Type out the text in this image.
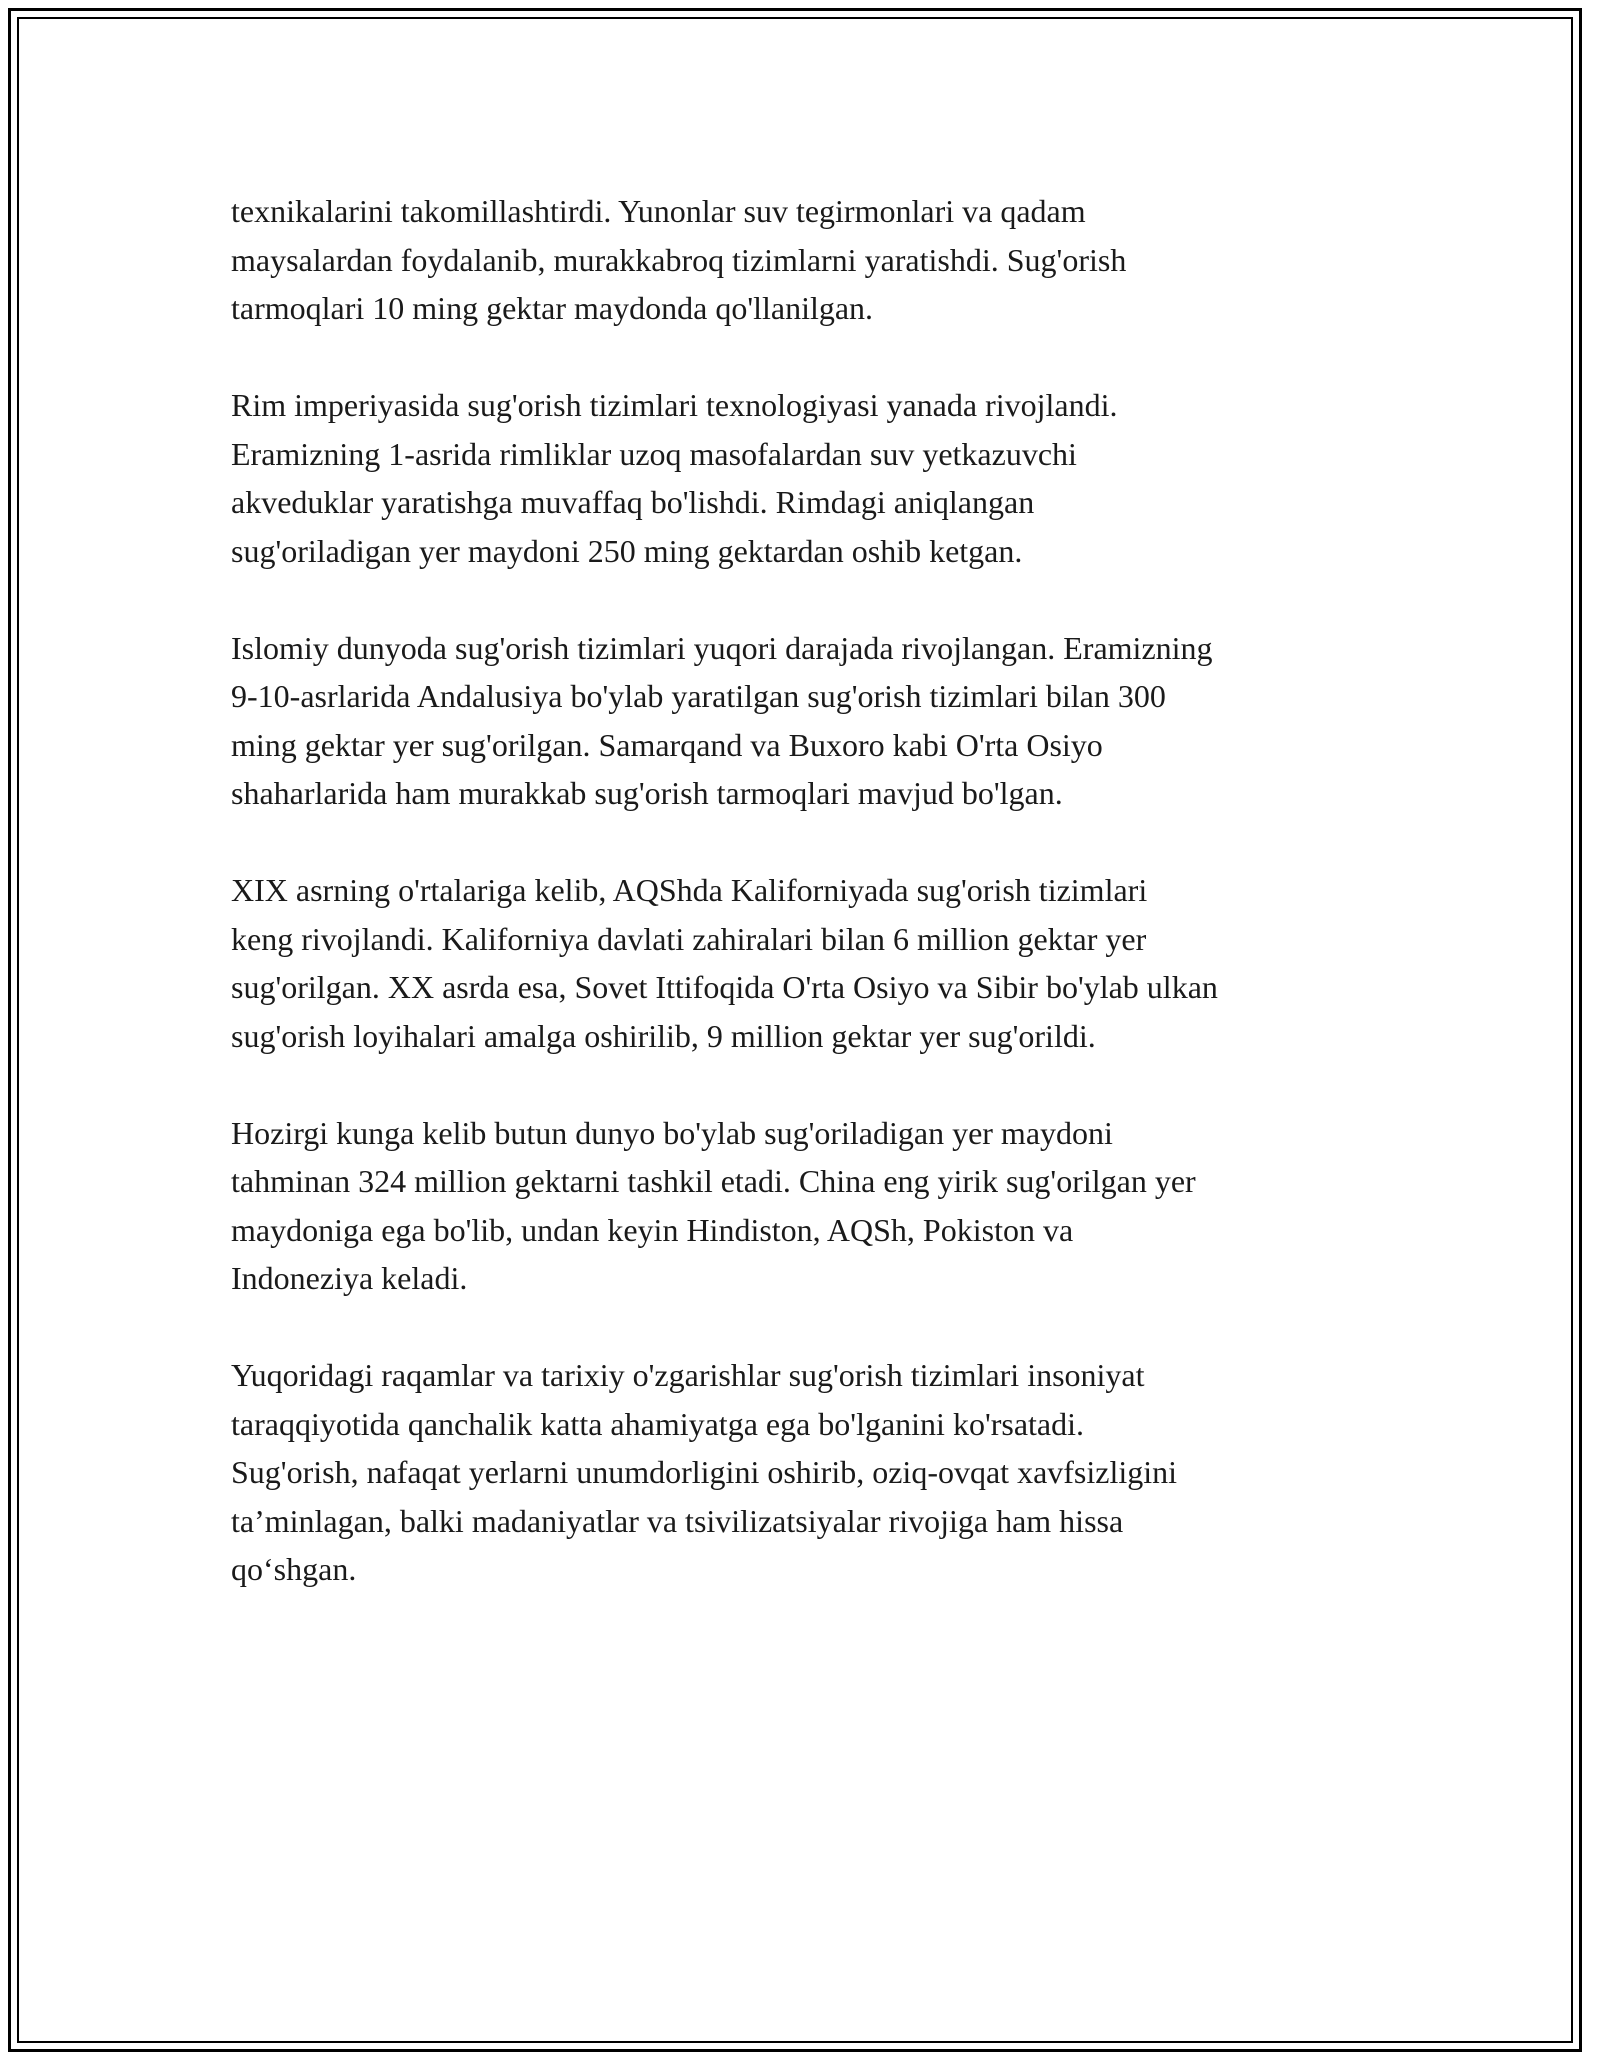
texnikalarini takomillashtirdi. Yunonlar suv tegirmonlari va qadam
maysalardan foydalanib, murakkabroq tizimlarni yaratishdi. Sug'orish
tarmoqlari 10 ming gektar maydonda qo'llanilgan.

Rim imperiyasida sug'orish tizimlari texnologiyasi yanada rivojlandi.
Eramizning 1-asrida rimliklar uzoq masofalardan suv yetkazuvchi
akveduklar yaratishga muvaffaq bo'lishdi. Rimdagi aniqlangan
sug'oriladigan yer maydoni 250 ming gektardan oshib ketgan.

Islomiy dunyoda sug'orish tizimlari yuqori darajada rivojlangan. Eramizning
9-10-asrlarida Andalusiya bo'ylab yaratilgan sug'orish tizimlari bilan 300
ming gektar yer sug'orilgan. Samarqand va Buxoro kabi O'rta Osiyo
shaharlarida ham murakkab sug'orish tarmoqlari mavjud bo'lgan.

XIX asrning o'rtalariga kelib, AQShda Kaliforniyada sug'orish tizimlari
keng rivojlandi. Kaliforniya davlati zahiralari bilan 6 million gektar yer
sug'orilgan. XX asrda esa, Sovet Ittifoqida O'rta Osiyo va Sibir bo'ylab ulkan
sug'orish loyihalari amalga oshirilib, 9 million gektar yer sug'orildi.

Hozirgi kunga kelib butun dunyo bo'ylab sug'oriladigan yer maydoni
tahminan 324 million gektarni tashkil etadi. China eng yirik sug'orilgan yer
maydoniga ega bo'lib, undan keyin Hindiston, AQSh, Pokiston va
Indoneziya keladi.

Yuqoridagi raqamlar va tarixiy o'zgarishlar sug'orish tizimlari insoniyat
taraqqiyotida qanchalik katta ahamiyatga ega bo'lganini ko'rsatadi.
Sug'orish, nafaqat yerlarni unumdorligini oshirib, oziq-ovqat xavfsizligini
ta’minlagan, balki madaniyatlar va tsivilizatsiyalar rivojiga ham hissa
qo‘shgan.
